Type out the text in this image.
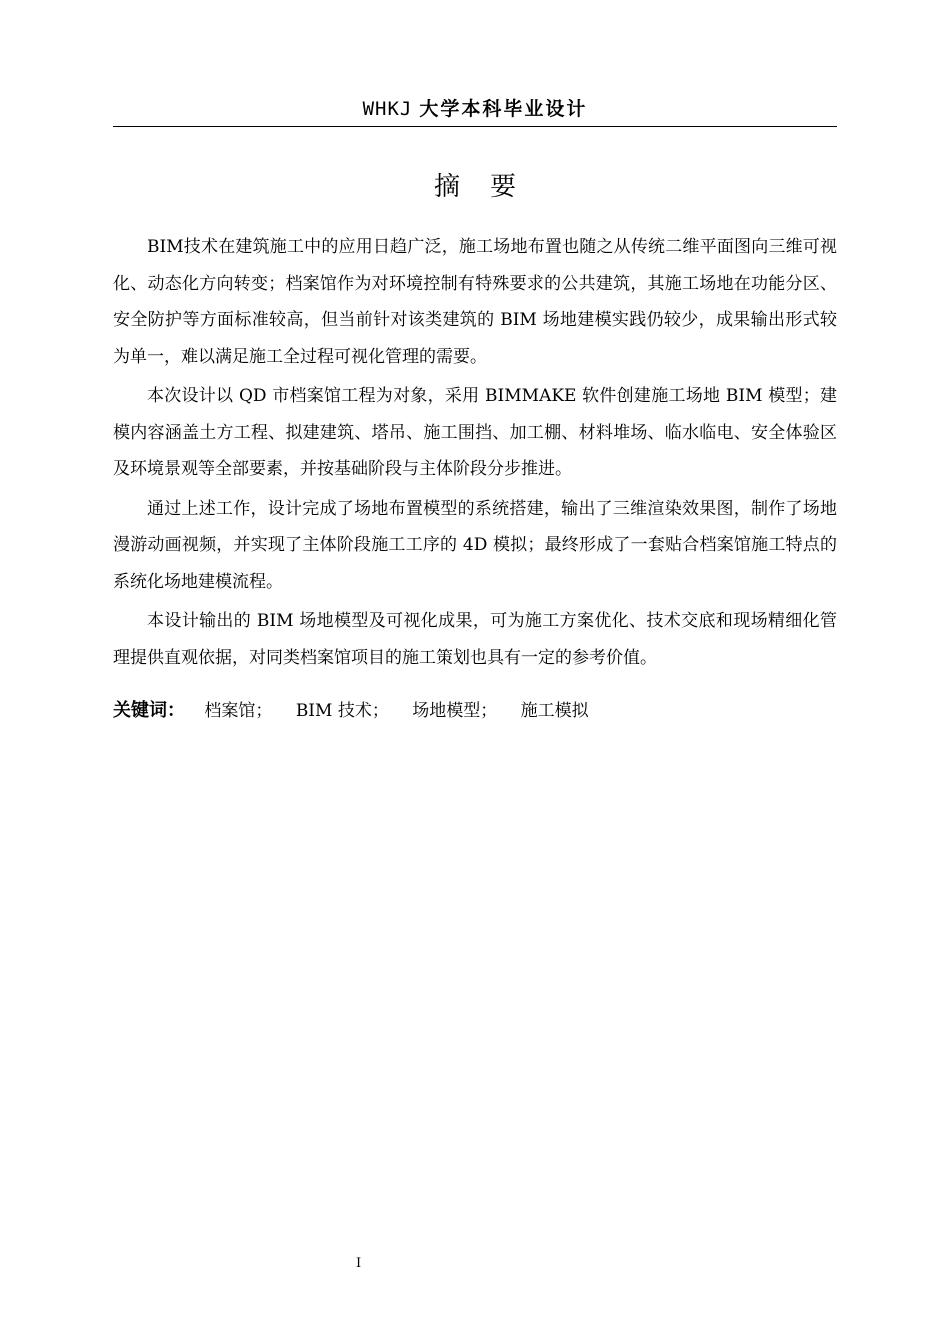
WHKJ 大学本科毕业设计
摘要

BIM技术在建筑施工中的应用日趋广泛，施工场地布置也随之从传统二维平面图向三维可视化、动态化方向转变；档案馆作为对环境控制有特殊要求的公共建筑，其施工场地在功能分区、安全防护等方面标准较高，但当前针对该类建筑的 BIM 场地建模实践仍较少，成果输出形式较为单一，难以满足施工全过程可视化管理的需要。

本次设计以 QD 市档案馆工程为对象，采用 BIMMAKE 软件创建施工场地 BIM 模型；建模内容涵盖土方工程、拟建建筑、塔吊、施工围挡、加工棚、材料堆场、临水临电、安全体验区及环境景观等全部要素，并按基础阶段与主体阶段分步推进。

通过上述工作，设计完成了场地布置模型的系统搭建，输出了三维渲染效果图，制作了场地漫游动画视频，并实现了主体阶段施工工序的 4D 模拟；最终形成了一套贴合档案馆施工特点的系统化场地建模流程。

本设计输出的 BIM 场地模型及可视化成果，可为施工方案优化、技术交底和现场精细化管理提供直观依据，对同类档案馆项目的施工策划也具有一定的参考价值。

关键词： 档案馆； BIM 技术； 场地模型； 施工模拟
I
